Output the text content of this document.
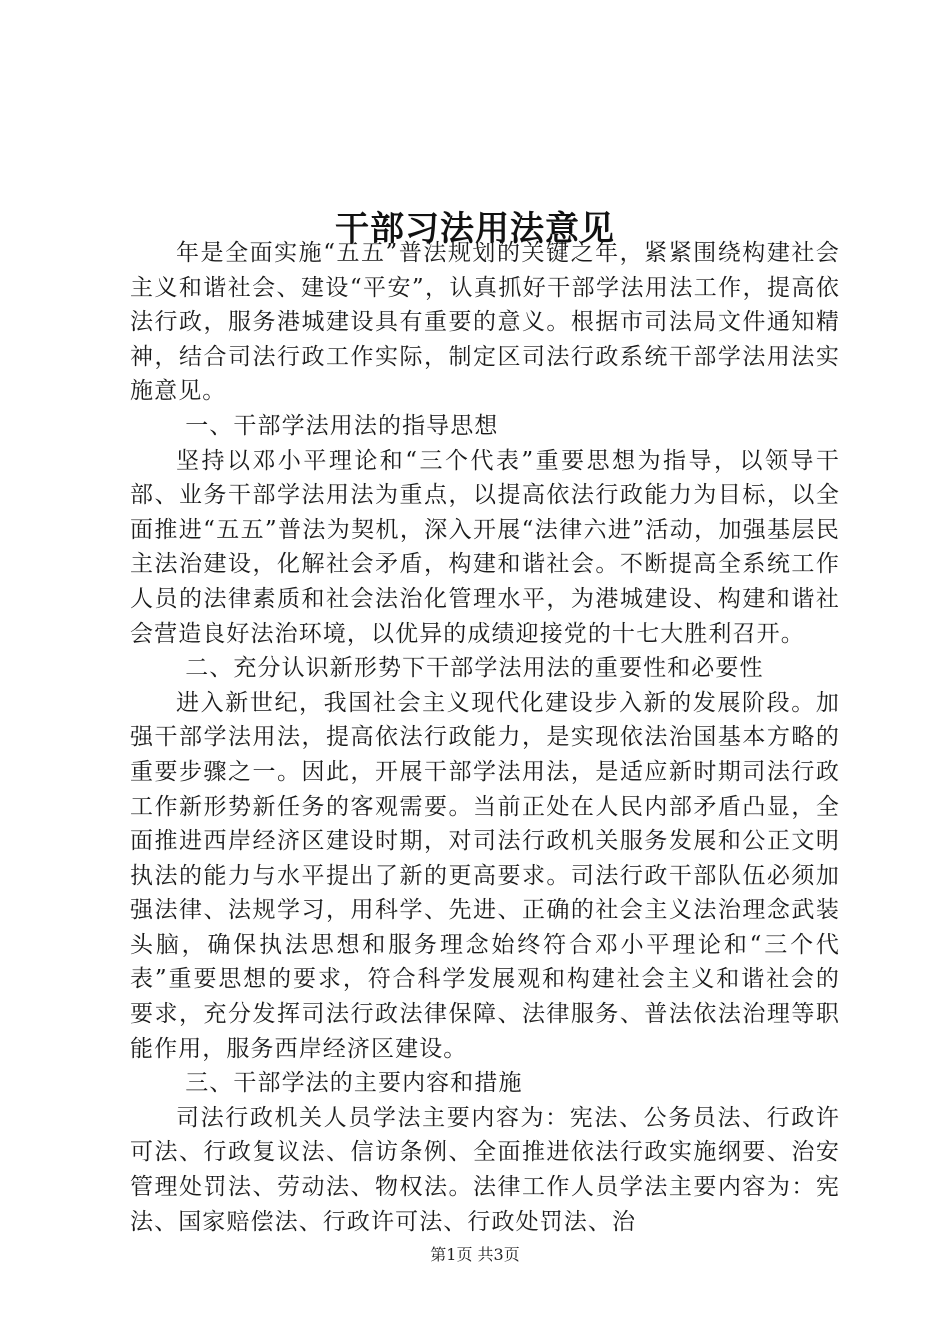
干部习法用法意见

年是全面实施“五五”普法规划的关键之年，紧紧围绕构建社会主义和谐社会、建设“平安”，认真抓好干部学法用法工作，提高依法行政，服务港城建设具有重要的意义。根据市司法局文件通知精神，结合司法行政工作实际，制定区司法行政系统干部学法用法实施意见。

一、干部学法用法的指导思想

坚持以邓小平理论和“三个代表”重要思想为指导，以领导干部、业务干部学法用法为重点，以提高依法行政能力为目标，以全面推进“五五”普法为契机，深入开展“法律六进”活动，加强基层民主法治建设，化解社会矛盾，构建和谐社会。不断提高全系统工作人员的法律素质和社会法治化管理水平，为港城建设、构建和谐社会营造良好法治环境，以优异的成绩迎接党的十七大胜利召开。

二、充分认识新形势下干部学法用法的重要性和必要性

进入新世纪，我国社会主义现代化建设步入新的发展阶段。加强干部学法用法，提高依法行政能力，是实现依法治国基本方略的重要步骤之一。因此，开展干部学法用法，是适应新时期司法行政工作新形势新任务的客观需要。当前正处在人民内部矛盾凸显，全面推进西岸经济区建设时期，对司法行政机关服务发展和公正文明执法的能力与水平提出了新的更高要求。司法行政干部队伍必须加强法律、法规学习，用科学、先进、正确的社会主义法治理念武装头脑，确保执法思想和服务理念始终符合邓小平理论和“三个代表”重要思想的要求，符合科学发展观和构建社会主义和谐社会的要求，充分发挥司法行政法律保障、法律服务、普法依法治理等职能作用，服务西岸经济区建设。

三、干部学法的主要内容和措施

司法行政机关人员学法主要内容为：宪法、公务员法、行政许可法、行政复议法、信访条例、全面推进依法行政实施纲要、治安管理处罚法、劳动法、物权法。法律工作人员学法主要内容为：宪法、国家赔偿法、行政许可法、行政处罚法、治

第1页 共3页
